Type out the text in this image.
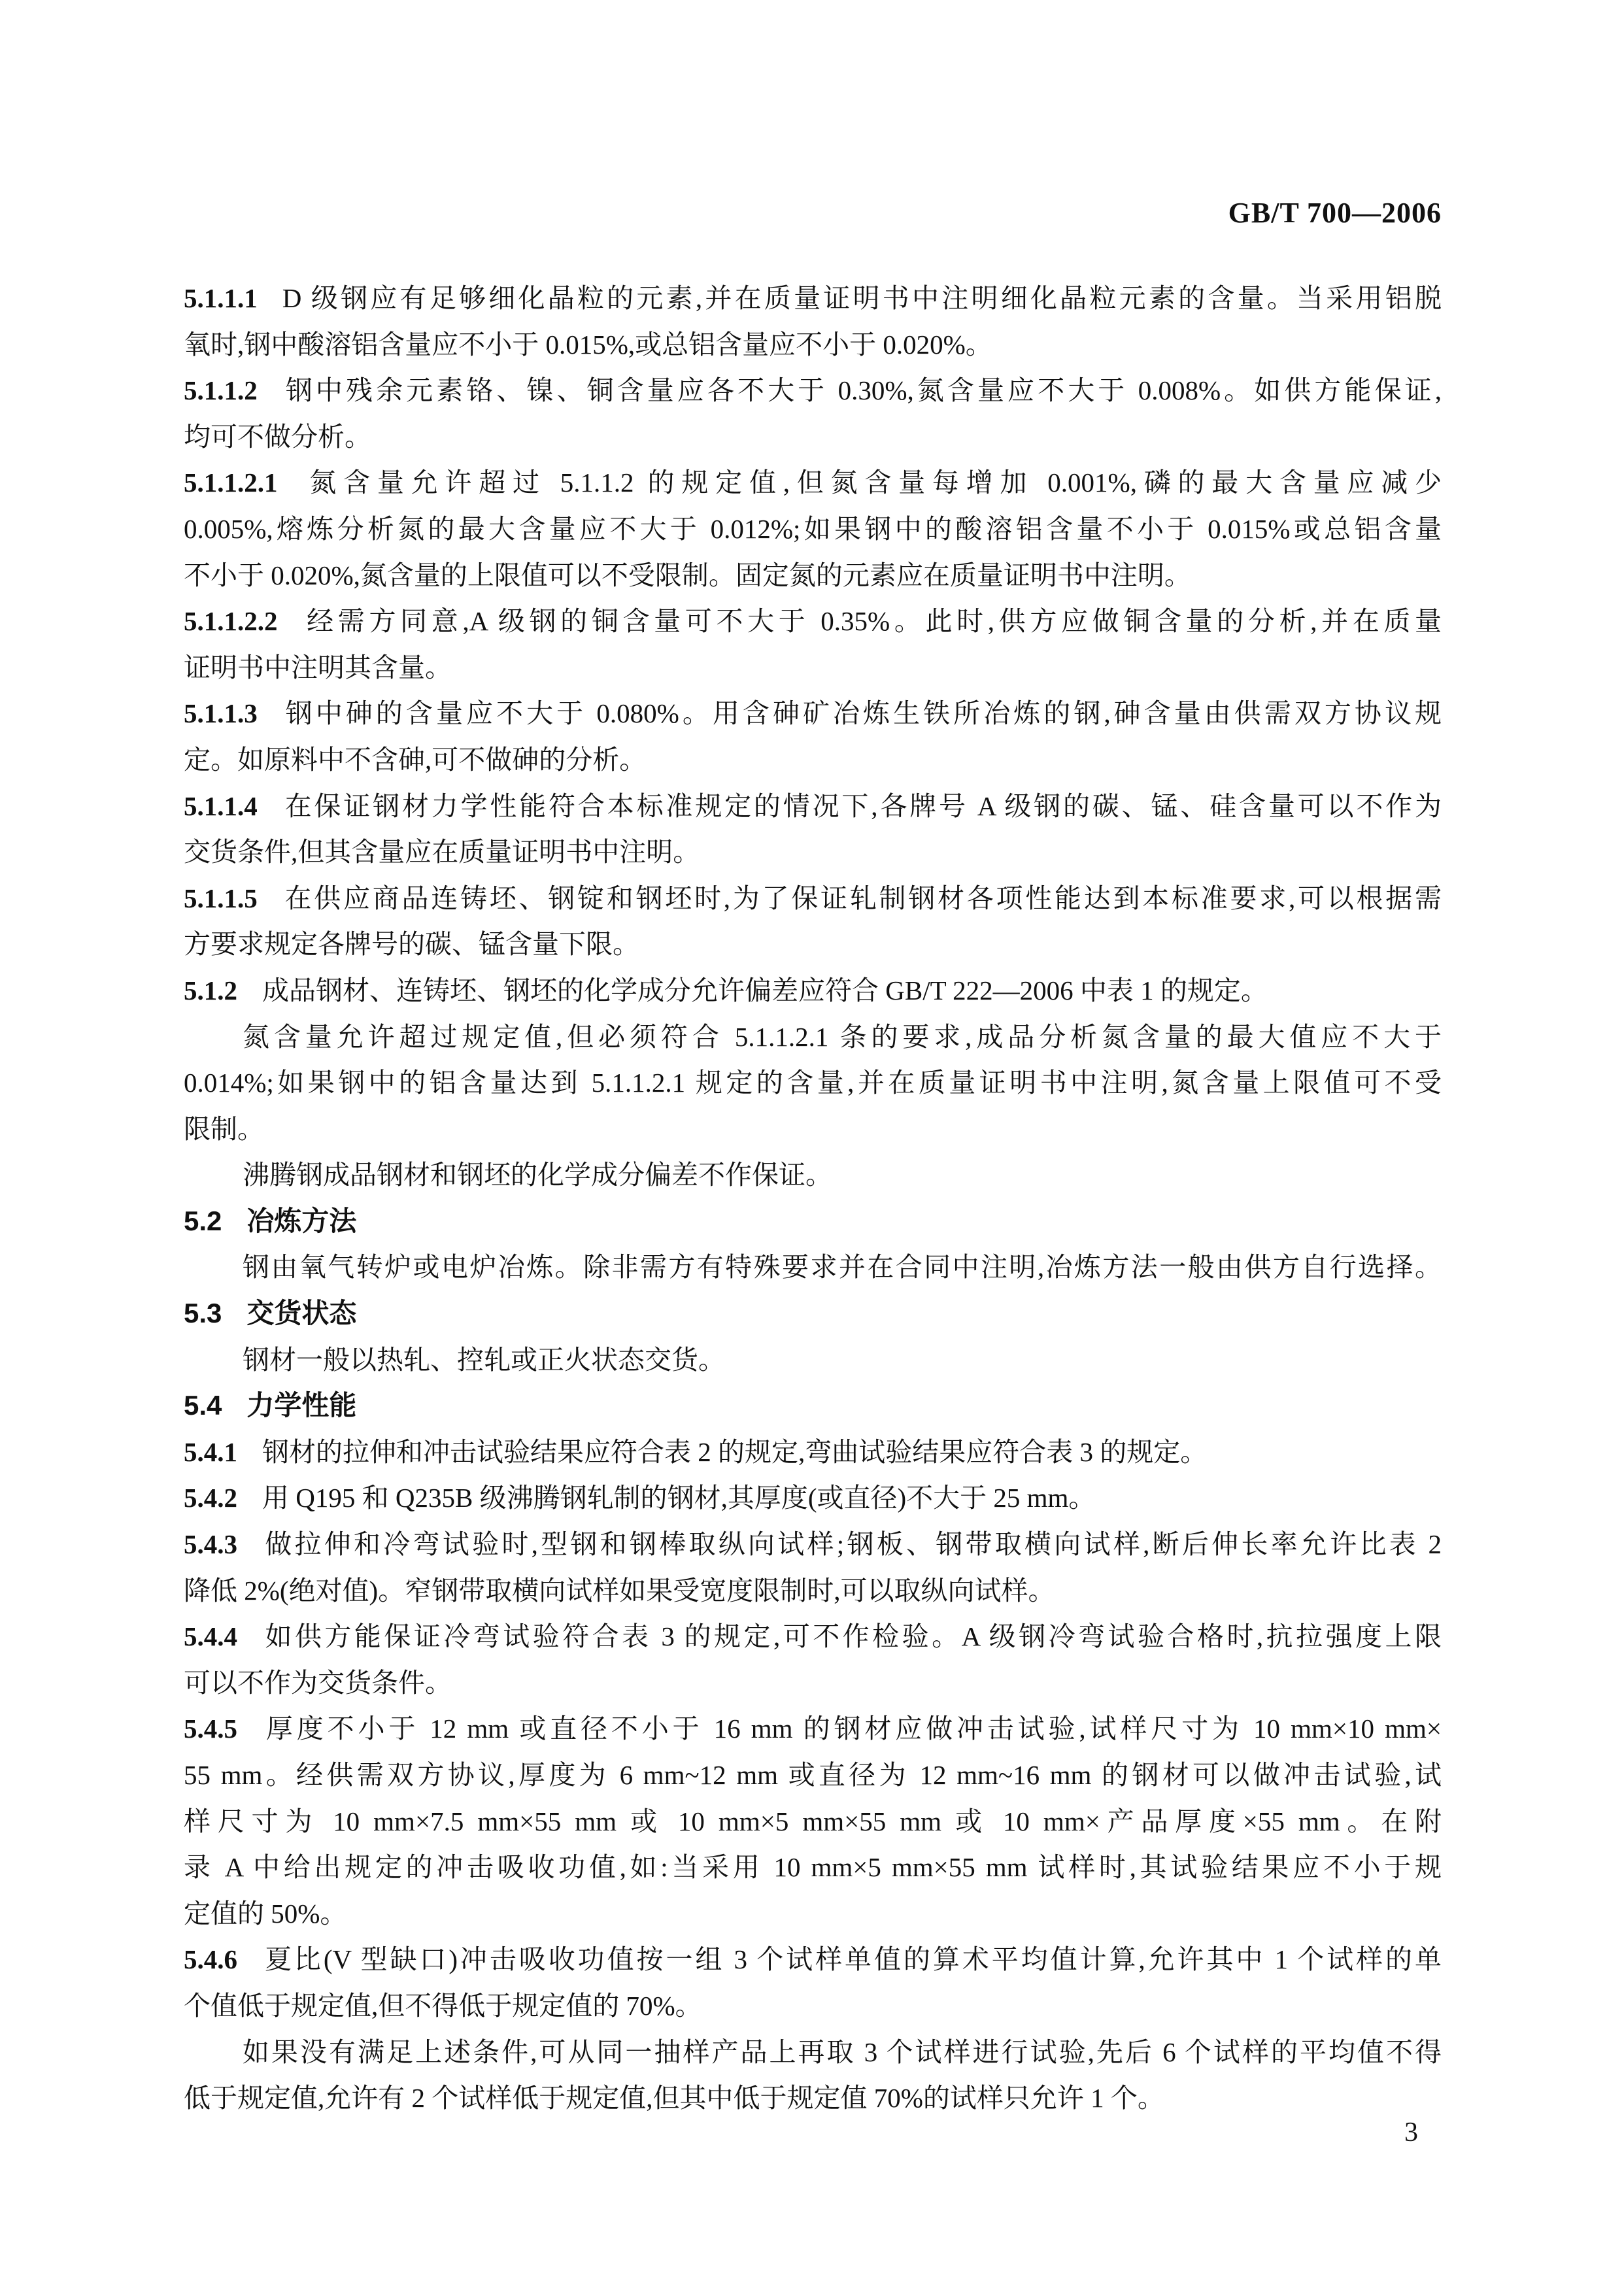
GB/T 700—2006
5.1.1.1 D 级钢应有足够细化晶粒的元素,并在质量证明书中注明细化晶粒元素的含量。当采用铝脱
氧时,钢中酸溶铝含量应不小于 0.015%,或总铝含量应不小于 0.020%。
5.1.1.2 钢中残余元素铬、镍、铜含量应各不大于 0.30%,氮含量应不大于 0.008%。如供方能保证,
均可不做分析。
5.1.1.2.1 氮含量允许超过 5.1.1.2 的规定值,但氮含量每增加 0.001%,磷的最大含量应减少
0.005%,熔炼分析氮的最大含量应不大于 0.012%;如果钢中的酸溶铝含量不小于 0.015%或总铝含量
不小于 0.020%,氮含量的上限值可以不受限制。固定氮的元素应在质量证明书中注明。
5.1.1.2.2 经需方同意,A 级钢的铜含量可不大于 0.35%。此时,供方应做铜含量的分析,并在质量
证明书中注明其含量。
5.1.1.3 钢中砷的含量应不大于 0.080%。用含砷矿冶炼生铁所冶炼的钢,砷含量由供需双方协议规
定。如原料中不含砷,可不做砷的分析。
5.1.1.4 在保证钢材力学性能符合本标准规定的情况下,各牌号 A 级钢的碳、锰、硅含量可以不作为
交货条件,但其含量应在质量证明书中注明。
5.1.1.5 在供应商品连铸坯、钢锭和钢坯时,为了保证轧制钢材各项性能达到本标准要求,可以根据需
方要求规定各牌号的碳、锰含量下限。
5.1.2 成品钢材、连铸坯、钢坯的化学成分允许偏差应符合 GB/T 222—2006 中表 1 的规定。
氮含量允许超过规定值,但必须符合 5.1.1.2.1 条的要求,成品分析氮含量的最大值应不大于
0.014%;如果钢中的铝含量达到 5.1.1.2.1 规定的含量,并在质量证明书中注明,氮含量上限值可不受
限制。
沸腾钢成品钢材和钢坯的化学成分偏差不作保证。
5.2 冶炼方法
钢由氧气转炉或电炉冶炼。除非需方有特殊要求并在合同中注明,冶炼方法一般由供方自行选择。
5.3 交货状态
钢材一般以热轧、控轧或正火状态交货。
5.4 力学性能
5.4.1 钢材的拉伸和冲击试验结果应符合表 2 的规定,弯曲试验结果应符合表 3 的规定。
5.4.2 用 Q195 和 Q235B 级沸腾钢轧制的钢材,其厚度(或直径)不大于 25 mm。
5.4.3 做拉伸和冷弯试验时,型钢和钢棒取纵向试样;钢板、钢带取横向试样,断后伸长率允许比表 2
降低 2%(绝对值)。窄钢带取横向试样如果受宽度限制时,可以取纵向试样。
5.4.4 如供方能保证冷弯试验符合表 3 的规定,可不作检验。A 级钢冷弯试验合格时,抗拉强度上限
可以不作为交货条件。
5.4.5 厚度不小于 12 mm 或直径不小于 16 mm 的钢材应做冲击试验,试样尺寸为 10 mm×10 mm×
55 mm。经供需双方协议,厚度为 6 mm~12 mm 或直径为 12 mm~16 mm 的钢材可以做冲击试验,试
样尺寸为 10 mm×7.5 mm×55 mm 或 10 mm×5 mm×55 mm 或 10 mm×产品厚度×55 mm。在附
录 A 中给出规定的冲击吸收功值,如:当采用 10 mm×5 mm×55 mm 试样时,其试验结果应不小于规
定值的 50%。
5.4.6 夏比(V 型缺口)冲击吸收功值按一组 3 个试样单值的算术平均值计算,允许其中 1 个试样的单
个值低于规定值,但不得低于规定值的 70%。
如果没有满足上述条件,可从同一抽样产品上再取 3 个试样进行试验,先后 6 个试样的平均值不得
低于规定值,允许有 2 个试样低于规定值,但其中低于规定值 70%的试样只允许 1 个。
3
